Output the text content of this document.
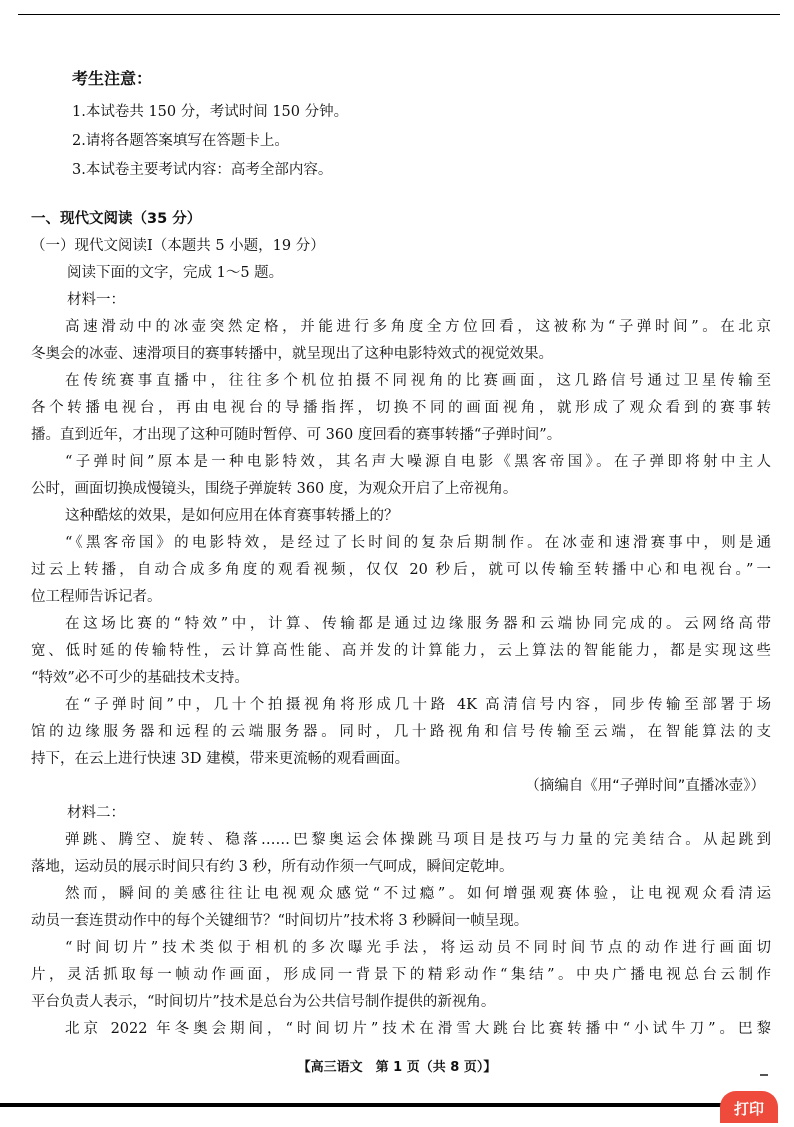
考生注意：
1.本试卷共 150 分，考试时间 150 分钟。
2.请将各题答案填写在答题卡上。
3.本试卷主要考试内容：高考全部内容。
一、现代文阅读（35 分）
（一）现代文阅读Ⅰ（本题共 5 小题，19 分）
阅读下面的文字，完成 1～5 题。
材料一：
高速滑动中的冰壶突然定格，并能进行多角度全方位回看，这被称为“子弹时间”。在北京
冬奥会的冰壶、速滑项目的赛事转播中，就呈现出了这种电影特效式的视觉效果。
在传统赛事直播中，往往多个机位拍摄不同视角的比赛画面，这几路信号通过卫星传输至
各个转播电视台，再由电视台的导播指挥，切换不同的画面视角，就形成了观众看到的赛事转
播。直到近年，才出现了这种可随时暂停、可 360 度回看的赛事转播“子弹时间”。
“子弹时间”原本是一种电影特效，其名声大噪源自电影《黑客帝国》。在子弹即将射中主人
公时，画面切换成慢镜头，围绕子弹旋转 360 度，为观众开启了上帝视角。
这种酷炫的效果，是如何应用在体育赛事转播上的？
“《黑客帝国》的电影特效，是经过了长时间的复杂后期制作。在冰壶和速滑赛事中，则是通
过云上转播，自动合成多角度的观看视频，仅仅 20 秒后，就可以传输至转播中心和电视台。”一
位工程师告诉记者。
在这场比赛的“特效”中，计算、传输都是通过边缘服务器和云端协同完成的。云网络高带
宽、低时延的传输特性，云计算高性能、高并发的计算能力，云上算法的智能能力，都是实现这些
“特效”必不可少的基础技术支持。
在“子弹时间”中，几十个拍摄视角将形成几十路 4K 高清信号内容，同步传输至部署于场
馆的边缘服务器和远程的云端服务器。同时，几十路视角和信号传输至云端，在智能算法的支
持下，在云上进行快速 3D 建模，带来更流畅的观看画面。
（摘编自《用“子弹时间”直播冰壶》）
材料二：
弹跳、腾空、旋转、稳落……巴黎奥运会体操跳马项目是技巧与力量的完美结合。从起跳到
落地，运动员的展示时间只有约 3 秒，所有动作须一气呵成，瞬间定乾坤。
然而，瞬间的美感往往让电视观众感觉“不过瘾”。如何增强观赛体验，让电视观众看清运
动员一套连贯动作中的每个关键细节？“时间切片”技术将 3 秒瞬间一帧呈现。
“时间切片”技术类似于相机的多次曝光手法，将运动员不同时间节点的动作进行画面切
片，灵活抓取每一帧动作画面，形成同一背景下的精彩动作“集结”。中央广播电视总台云制作
平台负责人表示，“时间切片”技术是总台为公共信号制作提供的新视角。
北京 2022 年冬奥会期间，“时间切片”技术在滑雪大跳台比赛转播中“小试牛刀”。巴黎
【高三语文　第 1 页（共 8 页）】
打印
